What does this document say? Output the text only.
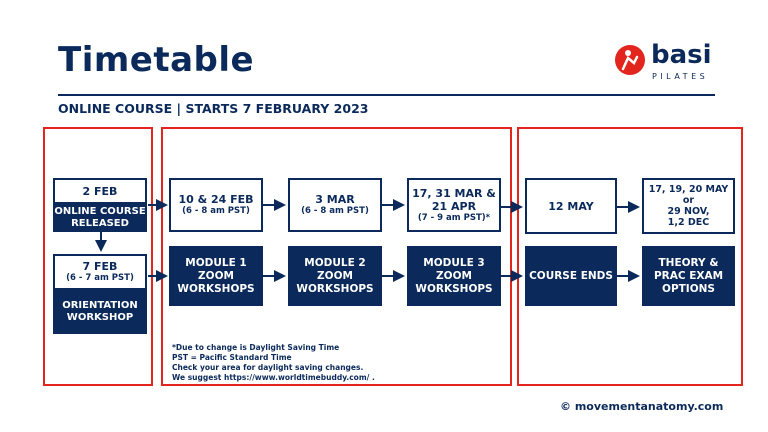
Timetable
ONLINE COURSE | STARTS 7 FEBRUARY 2023
basi
PILATES
2 FEB
ONLINE COURSE RELEASED
7 FEB
(6 - 7 am PST)
ORIENTATION WORKSHOP
10 & 24 FEB
(6 - 8 am PST)
MODULE 1
ZOOM
WORKSHOPS
3 MAR
(6 - 8 am PST)
MODULE 2
ZOOM
WORKSHOPS
17, 31 MAR &
21 APR
(7 - 9 am PST)*
MODULE 3
ZOOM
WORKSHOPS
12 MAY
COURSE ENDS
17, 19, 20 MAY
or
29 NOV,
1,2 DEC
THEORY &
PRAC EXAM
OPTIONS
*Due to change is Daylight Saving Time
PST = Pacific Standard Time
Check your area for daylight saving changes.
We suggest https://www.worldtimebuddy.com/ .
© movementanatomy.com
